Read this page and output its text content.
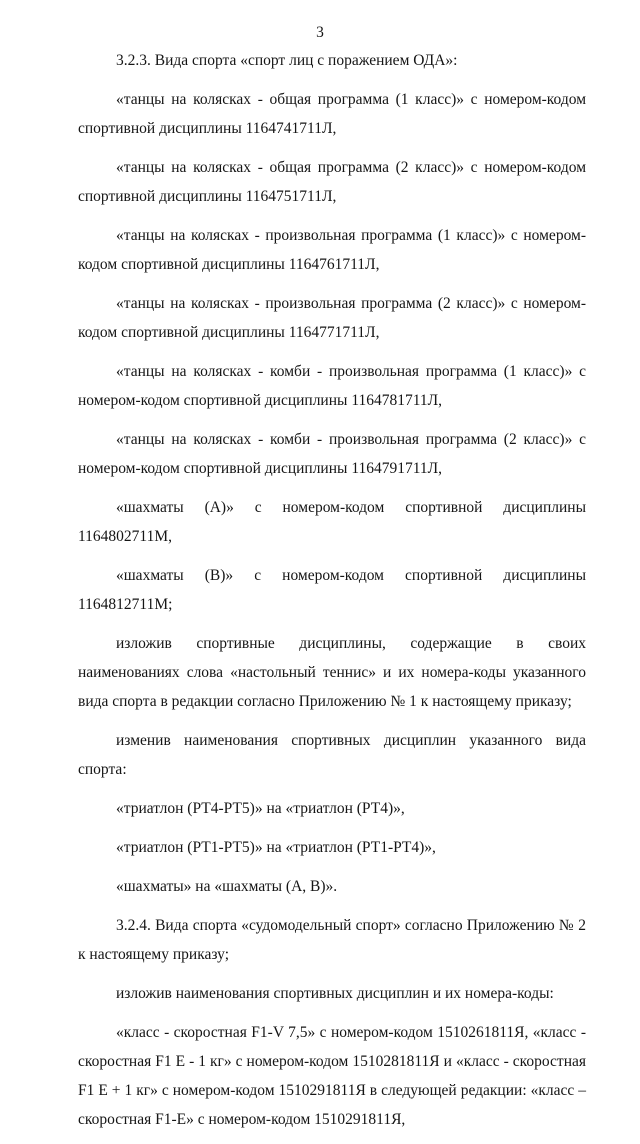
3

3.2.3. Вида спорта «спорт лиц с поражением ОДА»:

«танцы на колясках - общая программа (1 класс)» с номером-кодом спортивной дисциплины 1164741711Л,

«танцы на колясках - общая программа (2 класс)» с номером-кодом спортивной дисциплины 1164751711Л,

«танцы на колясках - произвольная программа (1 класс)» с номером-кодом спортивной дисциплины 1164761711Л,

«танцы на колясках - произвольная программа (2 класс)» с номером-кодом спортивной дисциплины 1164771711Л,

«танцы на колясках - комби - произвольная программа (1 класс)» с номером-кодом спортивной дисциплины 1164781711Л,

«танцы на колясках - комби - произвольная программа (2 класс)» с номером-кодом спортивной дисциплины 1164791711Л,

«шахматы (А)» с номером-кодом спортивной дисциплины 1164802711М,

«шахматы (В)» с номером-кодом спортивной дисциплины 1164812711М;

изложив спортивные дисциплины, содержащие в своих наименованиях слова «настольный теннис» и их номера-коды указанного вида спорта в редакции согласно Приложению № 1 к настоящему приказу;

изменив наименования спортивных дисциплин указанного вида спорта:

«триатлон (РТ4-РТ5)» на «триатлон (РТ4)»,

«триатлон (РТ1-РТ5)» на «триатлон (РТ1-РТ4)»,

«шахматы» на «шахматы (А, В)».

3.2.4. Вида спорта «судомодельный спорт» согласно Приложению № 2 к настоящему приказу;

изложив наименования спортивных дисциплин и их номера-коды:

«класс - скоростная F1-V 7,5» с номером-кодом 1510261811Я, «класс - скоростная F1 E - 1 кг» с номером-кодом 1510281811Я и «класс - скоростная F1 E + 1 кг» с номером-кодом 1510291811Я в следующей редакции: «класс – скоростная F1-E» с номером-кодом 1510291811Я,
